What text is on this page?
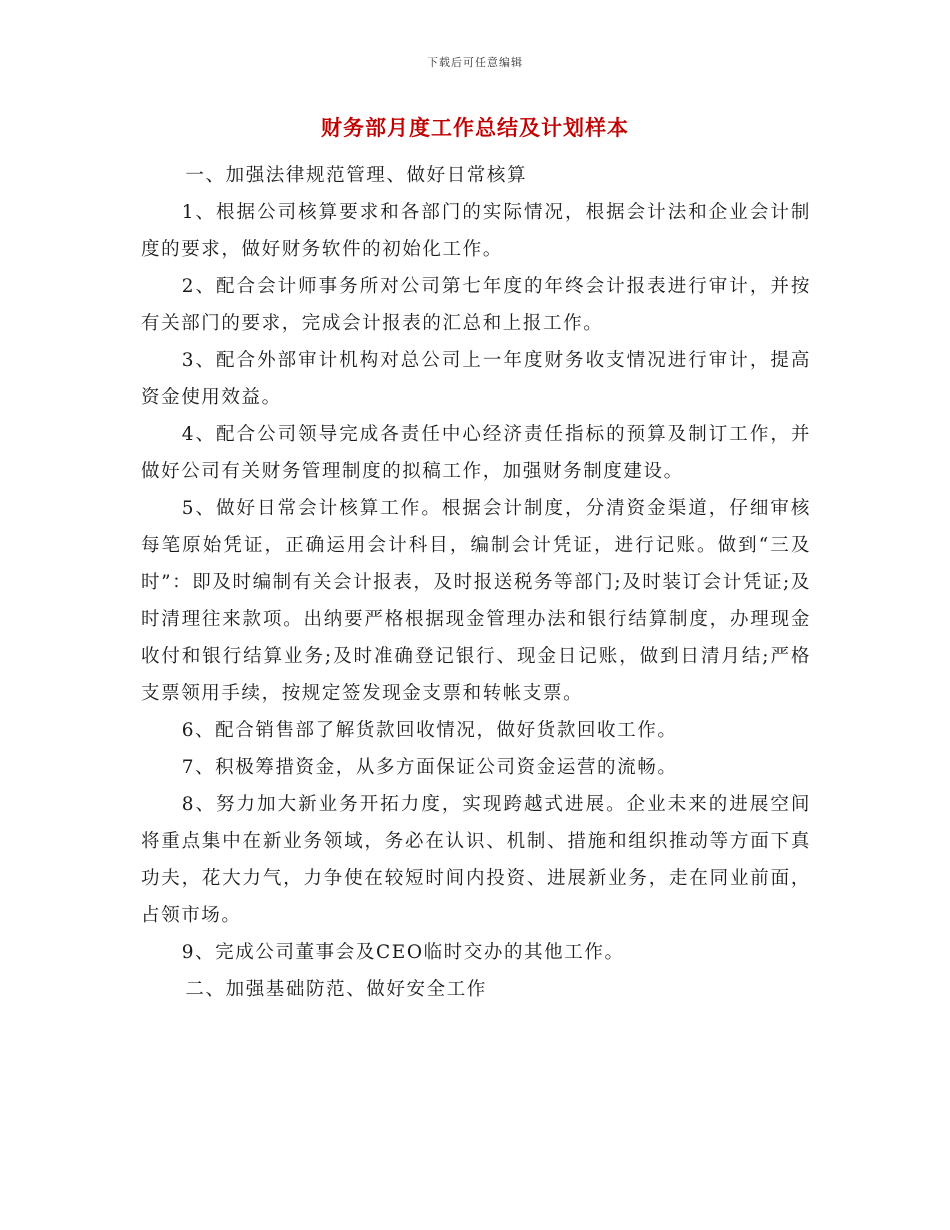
下载后可任意编辑
财务部月度工作总结及计划样本

一、加强法律规范管理、做好日常核算

1、根据公司核算要求和各部门的实际情况，根据会计法和企业会计制度的要求，做好财务软件的初始化工作。

2、配合会计师事务所对公司第七年度的年终会计报表进行审计，并按有关部门的要求，完成会计报表的汇总和上报工作。

3、配合外部审计机构对总公司上一年度财务收支情况进行审计，提高资金使用效益。

4、配合公司领导完成各责任中心经济责任指标的预算及制订工作，并做好公司有关财务管理制度的拟稿工作，加强财务制度建设。

5、做好日常会计核算工作。根据会计制度，分清资金渠道，仔细审核每笔原始凭证，正确运用会计科目，编制会计凭证，进行记账。做到“三及时”：即及时编制有关会计报表，及时报送税务等部门;及时装订会计凭证;及时清理往来款项。出纳要严格根据现金管理办法和银行结算制度，办理现金收付和银行结算业务;及时准确登记银行、现金日记账，做到日清月结;严格支票领用手续，按规定签发现金支票和转帐支票。

6、配合销售部了解货款回收情况，做好货款回收工作。

7、积极筹措资金，从多方面保证公司资金运营的流畅。

8、努力加大新业务开拓力度，实现跨越式进展。企业未来的进展空间将重点集中在新业务领域，务必在认识、机制、措施和组织推动等方面下真功夫，花大力气，力争使在较短时间内投资、进展新业务，走在同业前面，占领市场。

9、完成公司董事会及CEO临时交办的其他工作。

二、加强基础防范、做好安全工作
